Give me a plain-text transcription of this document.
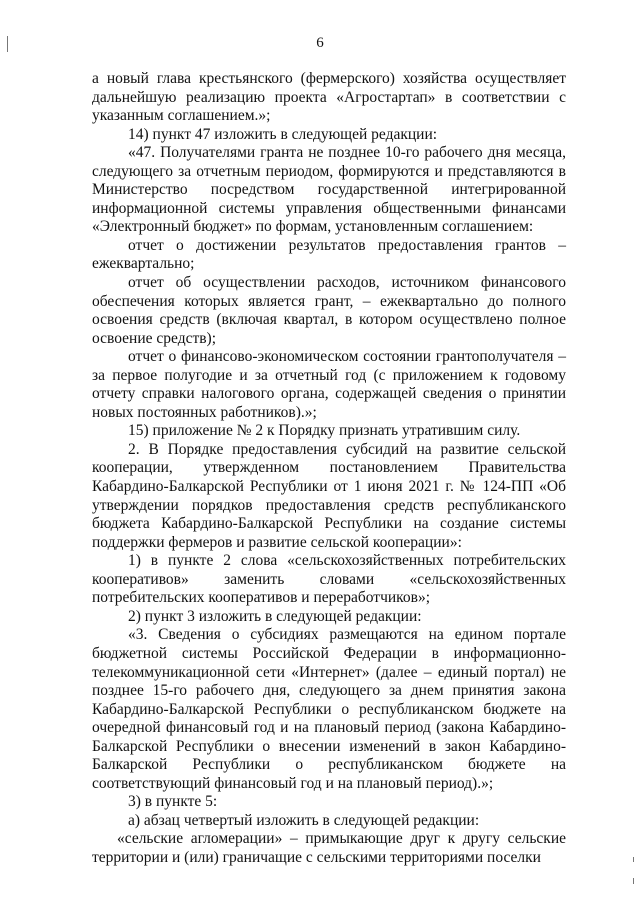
6

а новый глава крестьянского (фермерского) хозяйства осуществляет дальнейшую реализацию проекта «Агростартап» в соответствии с указанным соглашением.»;

14) пункт 47 изложить в следующей редакции:

«47. Получателями гранта не позднее 10-го рабочего дня месяца, следующего за отчетным периодом, формируются и представляются в Министерство посредством государственной интегрированной информационной системы управления общественными финансами «Электронный бюджет» по формам, установленным соглашением:

отчет о достижении результатов предоставления грантов – ежеквартально;

отчет об осуществлении расходов, источником финансового обеспечения которых является грант, – ежеквартально до полного освоения средств (включая квартал, в котором осуществлено полное освоение средств);

отчет о финансово-экономическом состоянии грантополучателя – за первое полугодие и за отчетный год (с приложением к годовому отчету справки налогового органа, содержащей сведения о принятии новых постоянных работников).»;

15) приложение № 2 к Порядку признать утратившим силу.

2. В Порядке предоставления субсидий на развитие сельской кооперации, утвержденном постановлением Правительства Кабардино-Балкарской Республики от 1 июня 2021 г. № 124-ПП «Об утверждении порядков предоставления средств республиканского бюджета Кабардино-Балкарской Республики на создание системы поддержки фермеров и развитие сельской кооперации»:

1) в пункте 2 слова «сельскохозяйственных потребительских кооперативов» заменить словами «сельскохозяйственных потребительских кооперативов и переработчиков»;

2) пункт 3 изложить в следующей редакции:

«3. Сведения о субсидиях размещаются на едином портале бюджетной системы Российской Федерации в информационно-телекоммуникационной сети «Интернет» (далее – единый портал) не позднее 15-го рабочего дня, следующего за днем принятия закона Кабардино-Балкарской Республики о республиканском бюджете на очередной финансовый год и на плановый период (закона Кабардино-Балкарской Республики о внесении изменений в закон Кабардино-Балкарской Республики о республиканском бюджете на соответствующий финансовый год и на плановый период).»;

3) в пункте 5:

а) абзац четвертый изложить в следующей редакции:

«сельские агломерации» – примыкающие друг к другу сельские территории и (или) граничащие с сельскими территориями поселки
